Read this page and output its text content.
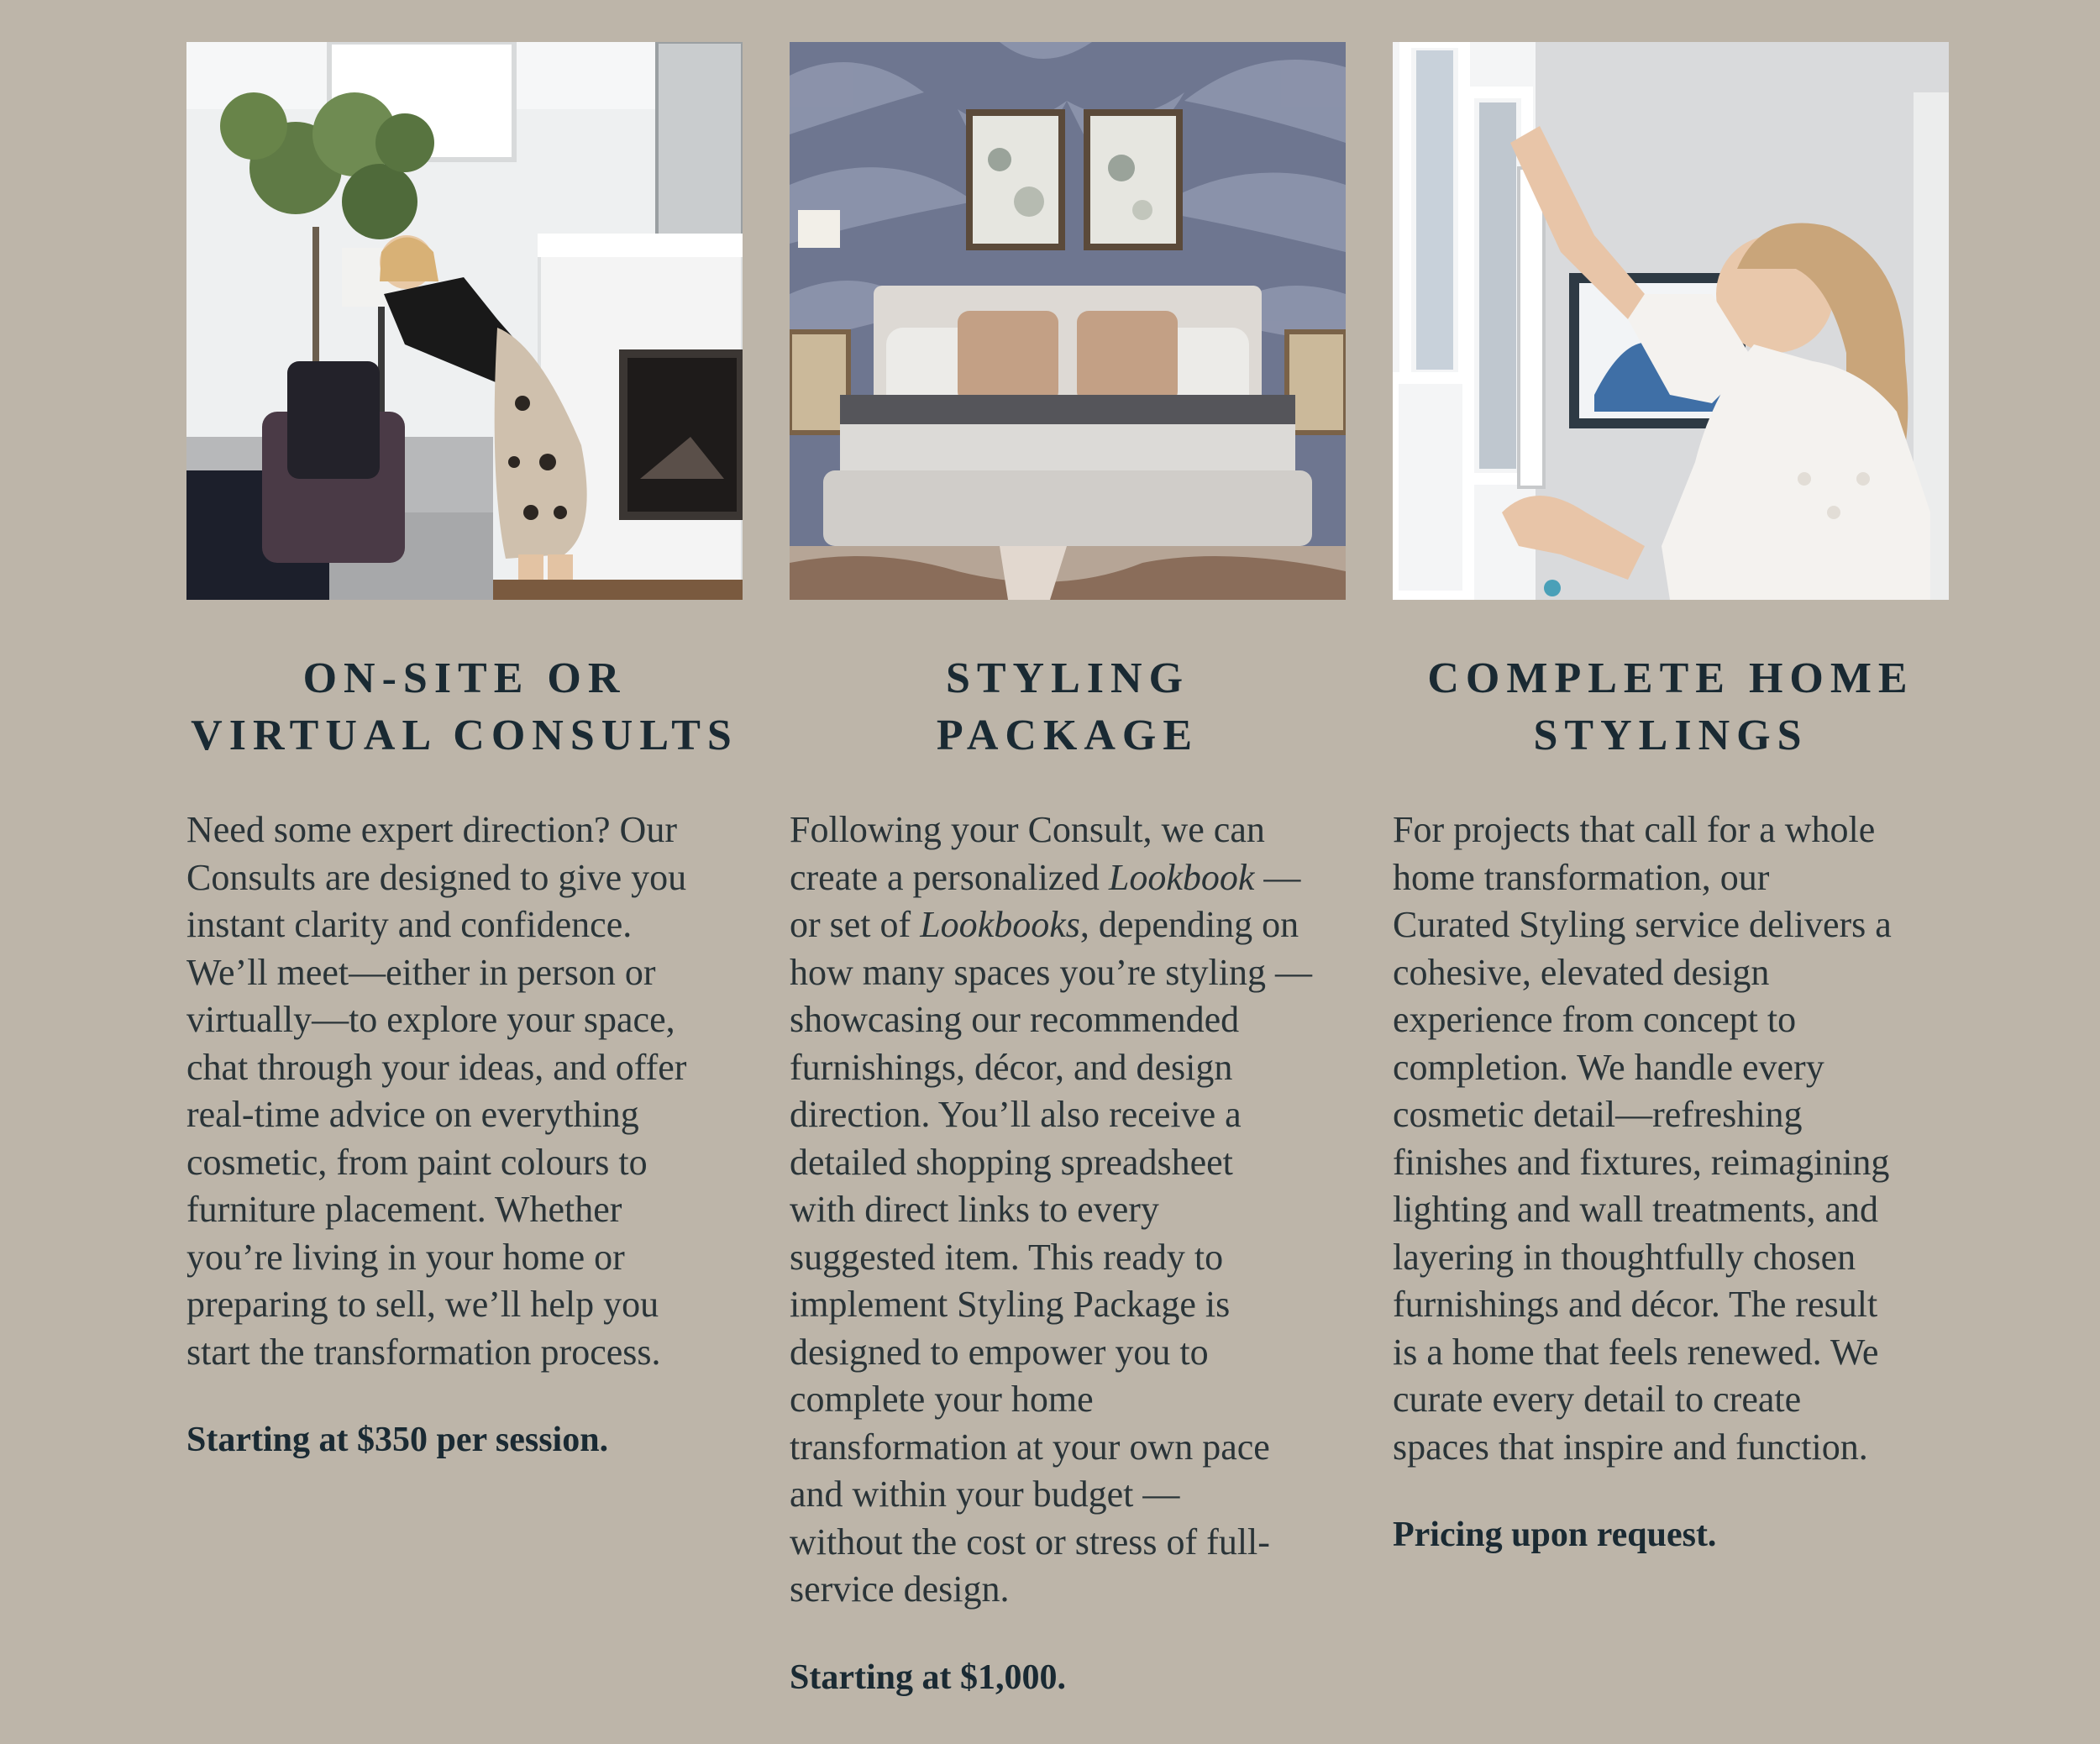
ON-SITE OR
VIRTUAL CONSULTS
Need some expert direction? Our
Consults are designed to give you
instant clarity and confidence.
We’ll meet—either in person or
virtually—to explore your space,
chat through your ideas, and offer
real-time advice on everything
cosmetic, from paint colours to
furniture placement. Whether
you’re living in your home or
preparing to sell, we’ll help you
start the transformation process.
Starting at $350 per session.
STYLING
PACKAGE
Following your Consult, we can
create a personalized Lookbook —
or set of Lookbooks, depending on
how many spaces you’re styling —
showcasing our recommended
furnishings, décor, and design
direction. You’ll also receive a
detailed shopping spreadsheet
with direct links to every
suggested item. This ready to
implement Styling Package is
designed to empower you to
complete your home
transformation at your own pace
and within your budget —
without the cost or stress of full-
service design.
Starting at $1,000.
COMPLETE HOME
STYLINGS
For projects that call for a whole
home transformation, our
Curated Styling service delivers a
cohesive, elevated design
experience from concept to
completion. We handle every
cosmetic detail—refreshing
finishes and fixtures, reimagining
lighting and wall treatments, and
layering in thoughtfully chosen
furnishings and décor. The result
is a home that feels renewed. We
curate every detail to create
spaces that inspire and function.
Pricing upon request.
